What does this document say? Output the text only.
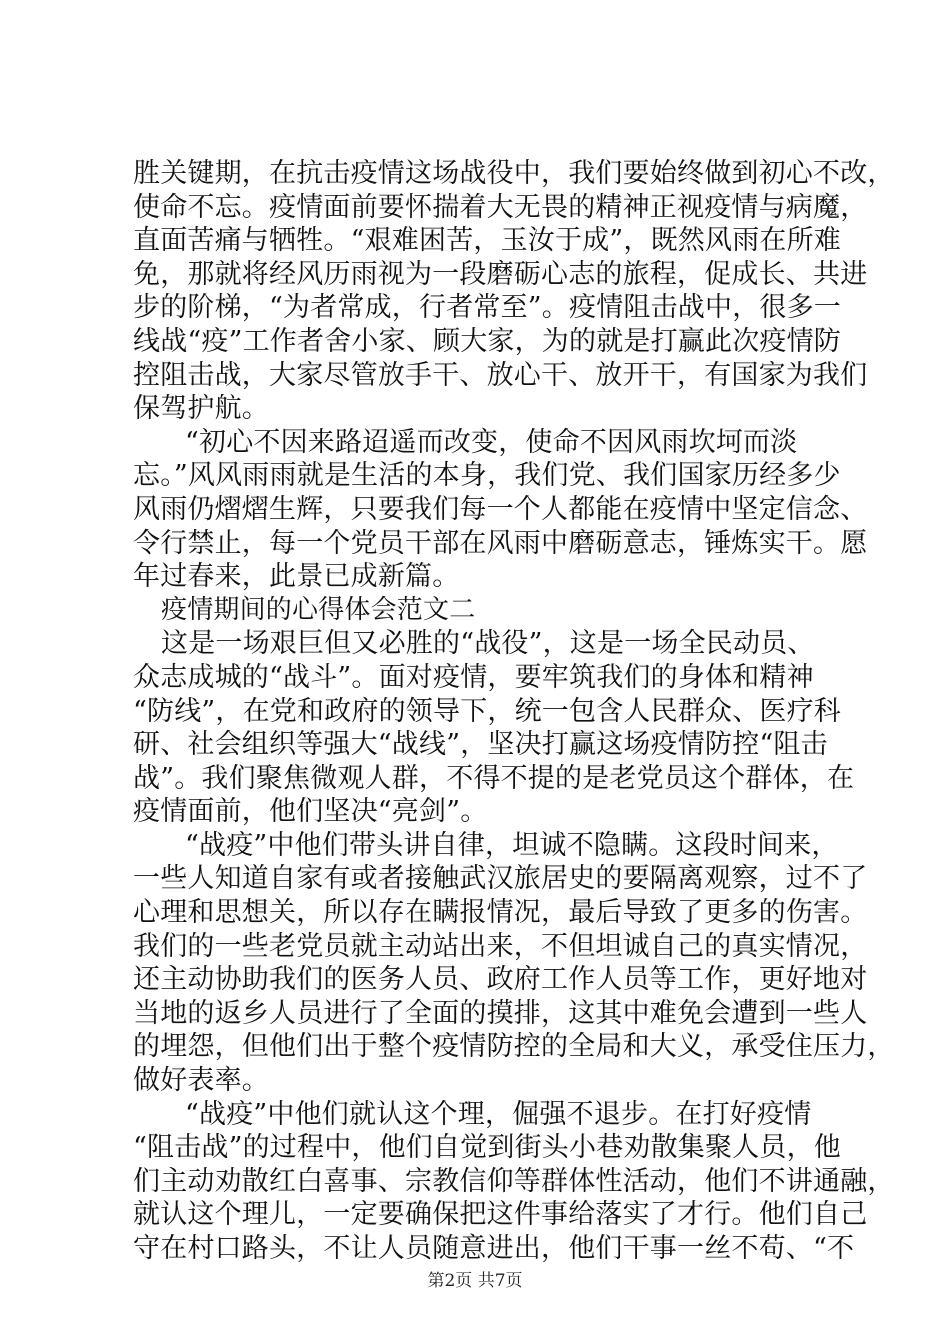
胜关键期，在抗击疫情这场战役中，我们要始终做到初心不改，
使命不忘。疫情面前要怀揣着大无畏的精神正视疫情与病魔，
直面苦痛与牺牲。“艰难困苦，玉汝于成”，既然风雨在所难
免，那就将经风历雨视为一段磨砺心志的旅程，促成长、共进
步的阶梯，“为者常成，行者常至”。疫情阻击战中，很多一
线战“疫”工作者舍小家、顾大家，为的就是打赢此次疫情防
控阻击战，大家尽管放手干、放心干、放开干，有国家为我们
保驾护航。
“初心不因来路迢遥而改变，使命不因风雨坎坷而淡
忘。”风风雨雨就是生活的本身，我们党、我们国家历经多少
风雨仍熠熠生辉，只要我们每一个人都能在疫情中坚定信念、
令行禁止，每一个党员干部在风雨中磨砺意志，锤炼实干。愿
年过春来，此景已成新篇。
疫情期间的心得体会范文二
这是一场艰巨但又必胜的“战役”，这是一场全民动员、
众志成城的“战斗”。面对疫情，要牢筑我们的身体和精神
“防线”，在党和政府的领导下，统一包含人民群众、医疗科
研、社会组织等强大“战线”，坚决打赢这场疫情防控“阻击
战”。我们聚焦微观人群，不得不提的是老党员这个群体，在
疫情面前，他们坚决“亮剑”。
“战疫”中他们带头讲自律，坦诚不隐瞒。这段时间来，
一些人知道自家有或者接触武汉旅居史的要隔离观察，过不了
心理和思想关，所以存在瞒报情况，最后导致了更多的伤害。
我们的一些老党员就主动站出来，不但坦诚自己的真实情况，
还主动协助我们的医务人员、政府工作人员等工作，更好地对
当地的返乡人员进行了全面的摸排，这其中难免会遭到一些人
的埋怨，但他们出于整个疫情防控的全局和大义，承受住压力，
做好表率。
“战疫”中他们就认这个理，倔强不退步。在打好疫情
“阻击战”的过程中，他们自觉到街头小巷劝散集聚人员，他
们主动劝散红白喜事、宗教信仰等群体性活动，他们不讲通融，
就认这个理儿，一定要确保把这件事给落实了才行。他们自己
守在村口路头，不让人员随意进出，他们干事一丝不苟、“不
第2页 共7页
